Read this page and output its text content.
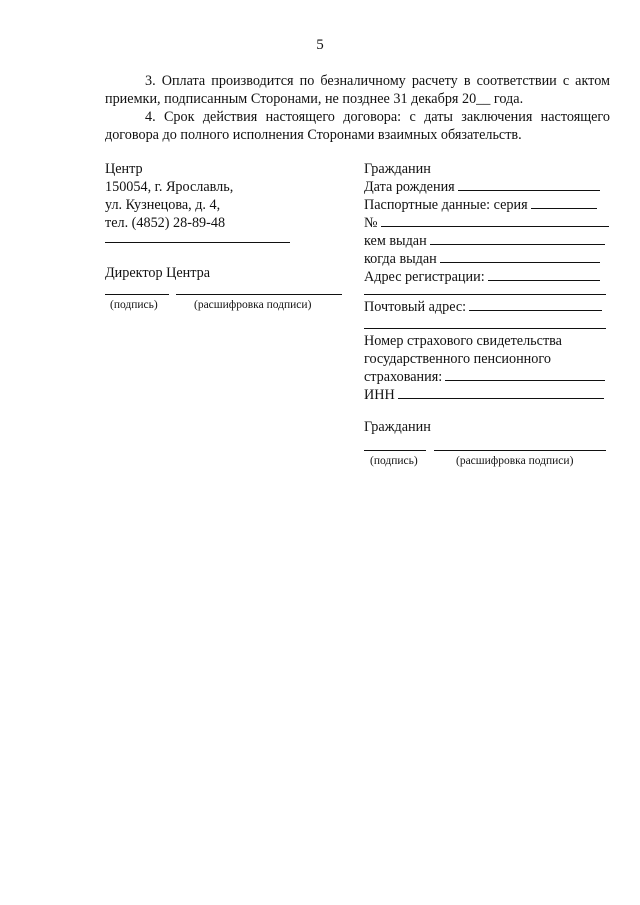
5
3. Оплата производится по безналичному расчету в соответствии с актом приемки, подписанным Сторонами, не позднее 31 декабря 20__ года.
4. Срок действия настоящего договора: с даты заключения настоящего договора до полного исполнения Сторонами взаимных обязательств.
Центр
150054, г. Ярославль,
ул. Кузнецова, д. 4,
тел. (4852) 28-89-48
Директор Центра
(подпись)	(расшифровка подписи)
Гражданин
Дата рождения
Паспортные данные: серия
№
кем выдан
когда выдан
Адрес регистрации:
Почтовый адрес:
Номер страхового свидетельства
государственного пенсионного
страхования:
ИНН
Гражданин
(подпись)	(расшифровка подписи)
